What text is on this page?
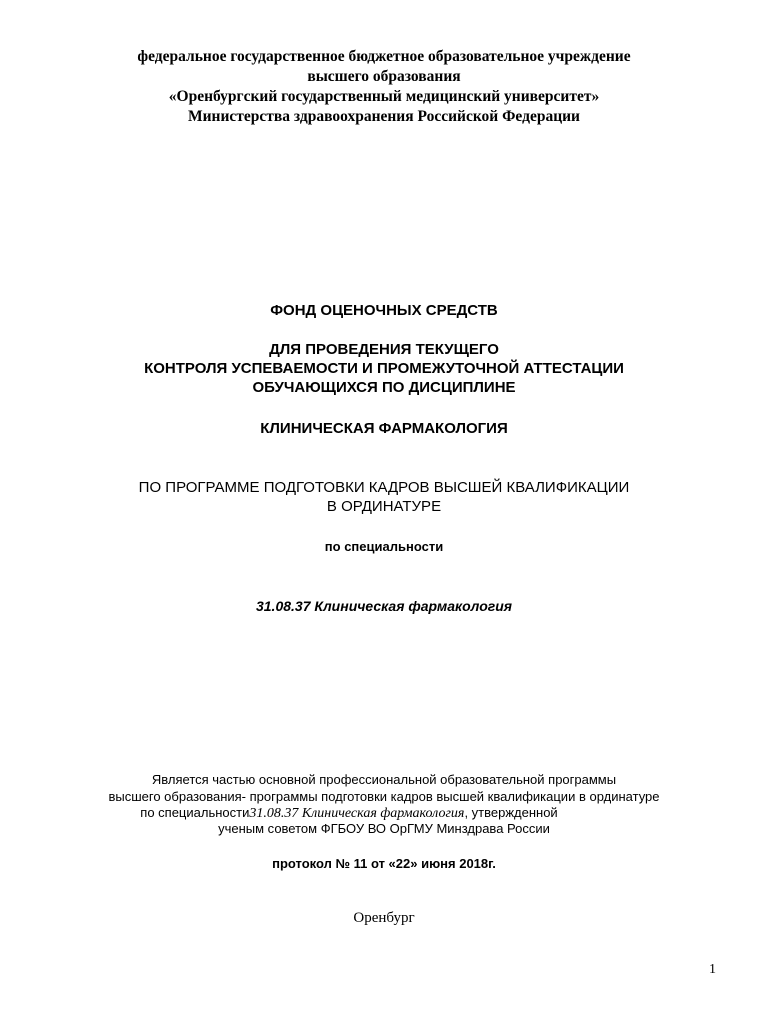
федеральное государственное бюджетное образовательное учреждение
высшего образования
«Оренбургский государственный медицинский университет»
Министерства здравоохранения Российской Федерации
ФОНД ОЦЕНОЧНЫХ СРЕДСТВ
ДЛЯ ПРОВЕДЕНИЯ ТЕКУЩЕГО
КОНТРОЛЯ УСПЕВАЕМОСТИ И ПРОМЕЖУТОЧНОЙ АТТЕСТАЦИИ
ОБУЧАЮЩИХСЯ ПО ДИСЦИПЛИНЕ
КЛИНИЧЕСКАЯ ФАРМАКОЛОГИЯ
ПО ПРОГРАММЕ ПОДГОТОВКИ КАДРОВ ВЫСШЕЙ КВАЛИФИКАЦИИ
В ОРДИНАТУРЕ
по специальности
31.08.37 Клиническая фармакология
Является частью основной профессиональной образовательной программы
высшего образования- программы подготовки кадров высшей квалификации в ординатуре
по специальности31.08.37 Клиническая фармакология, утвержденной
ученым советом ФГБОУ ВО ОрГМУ Минздрава России
протокол № 11 от «22» июня 2018г.
Оренбург
1
